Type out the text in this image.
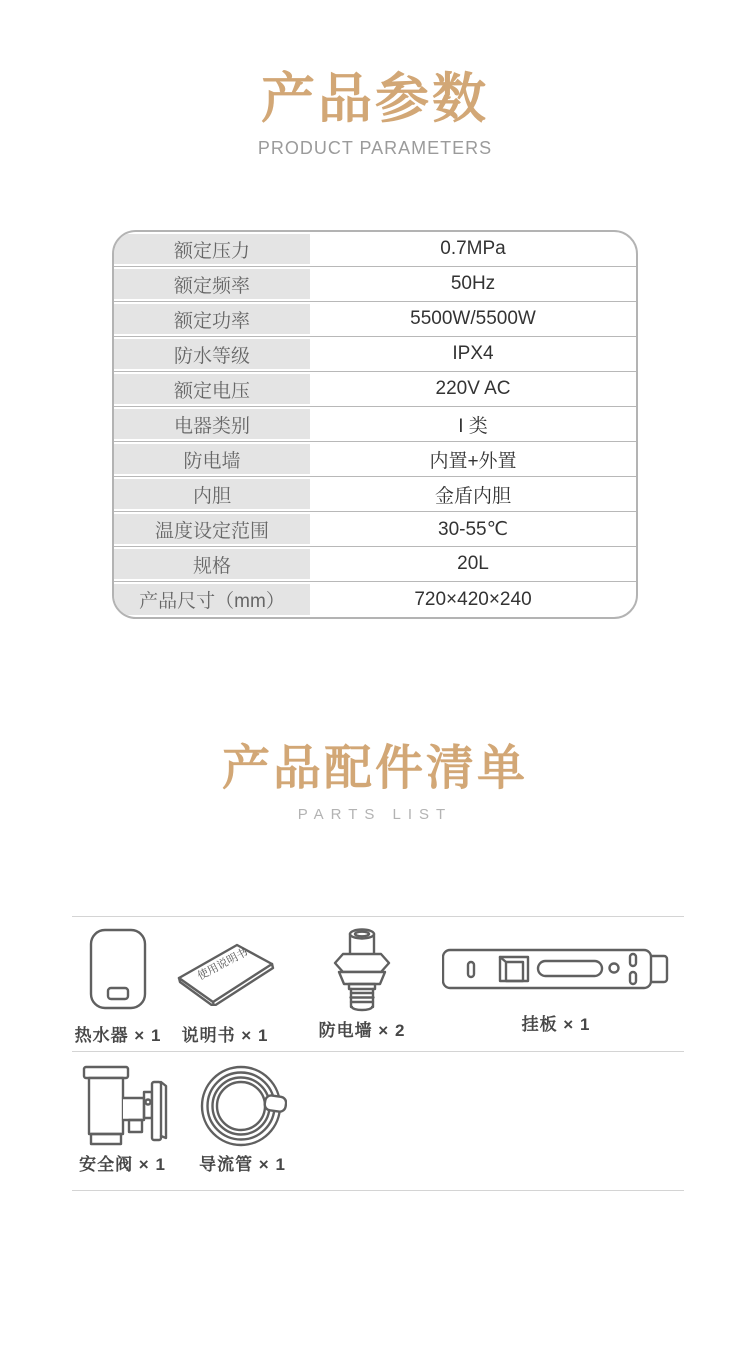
产品参数
PRODUCT PARAMETERS
额定压力	0.7MPa
额定频率	50Hz
额定功率	5500W/5500W
防水等级	IPX4
额定电压	220V AC
电器类别	I 类
防电墙	内置+外置
内胆	金盾内胆
温度设定范围	30-55℃
规格	20L
产品尺寸（mm）	720×420×240
产品配件清单
PARTS LIST
热水器 × 1
使用说明书
说明书 × 1	防电墙 × 2	挂板 × 1
安全阀 × 1	导流管 × 1
